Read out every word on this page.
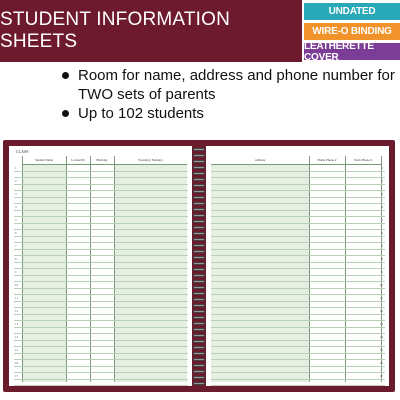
STUDENT INFORMATION SHEETS
UNDATED
WIRE-O BINDING
LEATHERETTE COVER
Room for name, address and phone number for TWO sets of parents
Up to 102 students
CLASS
Student Name	Locker/ID	Birthday	Parent(s)/ Name(s)
1
2
3
4
5
6
7
8
9
10
11
12
13
14
15
16
17
Address	Home Phone #	Work Phone #
1
2
3
4
5
6
7
8
9
10
11
12
13
14
15
16
17
